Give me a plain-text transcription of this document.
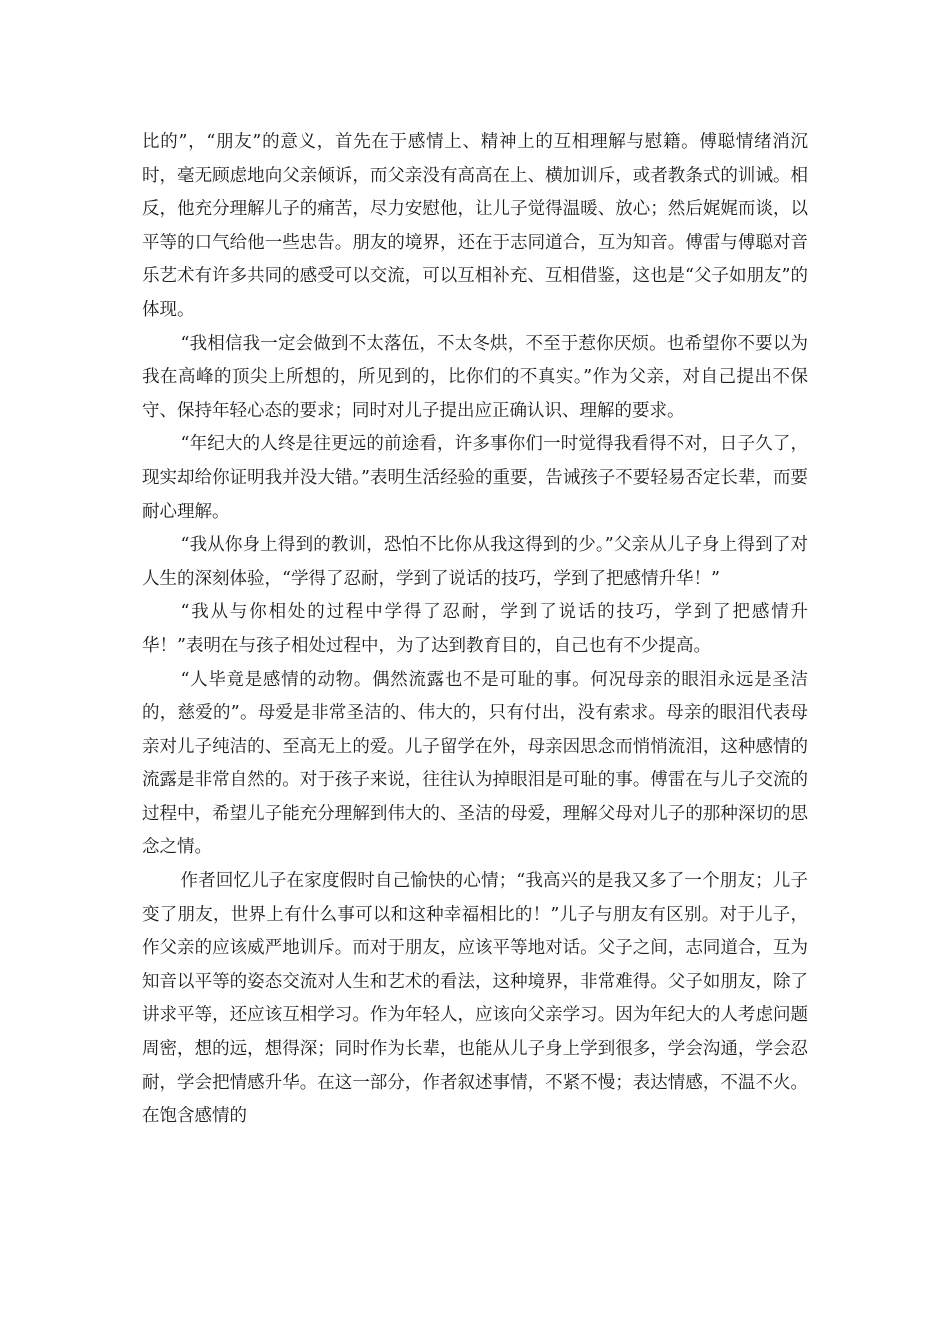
比的”，“朋友”的意义，首先在于感情上、精神上的互相理解与慰籍。傅聪情绪消沉时，毫无顾虑地向父亲倾诉，而父亲没有高高在上、横加训斥，或者教条式的训诫。相反，他充分理解儿子的痛苦，尽力安慰他，让儿子觉得温暖、放心；然后娓娓而谈，以平等的口气给他一些忠告。朋友的境界，还在于志同道合，互为知音。傅雷与傅聪对音乐艺术有许多共同的感受可以交流，可以互相补充、互相借鉴，这也是“父子如朋友”的体现。

“我相信我一定会做到不太落伍，不太冬烘，不至于惹你厌烦。也希望你不要以为我在高峰的顶尖上所想的，所见到的，比你们的不真实。”作为父亲，对自己提出不保守、保持年轻心态的要求；同时对儿子提出应正确认识、理解的要求。

“年纪大的人终是往更远的前途看，许多事你们一时觉得我看得不对，日子久了，现实却给你证明我并没大错。”表明生活经验的重要，告诫孩子不要轻易否定长辈，而要耐心理解。

“我从你身上得到的教训，恐怕不比你从我这得到的少。”父亲从儿子身上得到了对人生的深刻体验，“学得了忍耐，学到了说话的技巧，学到了把感情升华！”

“我从与你相处的过程中学得了忍耐，学到了说话的技巧，学到了把感情升华！”表明在与孩子相处过程中，为了达到教育目的，自己也有不少提高。

“人毕竟是感情的动物。偶然流露也不是可耻的事。何况母亲的眼泪永远是圣洁的，慈爱的”。母爱是非常圣洁的、伟大的，只有付出，没有索求。母亲的眼泪代表母亲对儿子纯洁的、至高无上的爱。儿子留学在外，母亲因思念而悄悄流泪，这种感情的流露是非常自然的。对于孩子来说，往往认为掉眼泪是可耻的事。傅雷在与儿子交流的过程中，希望儿子能充分理解到伟大的、圣洁的母爱，理解父母对儿子的那种深切的思念之情。

作者回忆儿子在家度假时自己愉快的心情；“我高兴的是我又多了一个朋友；儿子变了朋友，世界上有什么事可以和这种幸福相比的！”儿子与朋友有区别。对于儿子，作父亲的应该威严地训斥。而对于朋友，应该平等地对话。父子之间，志同道合，互为知音以平等的姿态交流对人生和艺术的看法，这种境界，非常难得。父子如朋友，除了讲求平等，还应该互相学习。作为年轻人，应该向父亲学习。因为年纪大的人考虑问题周密，想的远，想得深；同时作为长辈，也能从儿子身上学到很多，学会沟通，学会忍耐，学会把情感升华。在这一部分，作者叙述事情，不紧不慢；表达情感，不温不火。在饱含感情的
